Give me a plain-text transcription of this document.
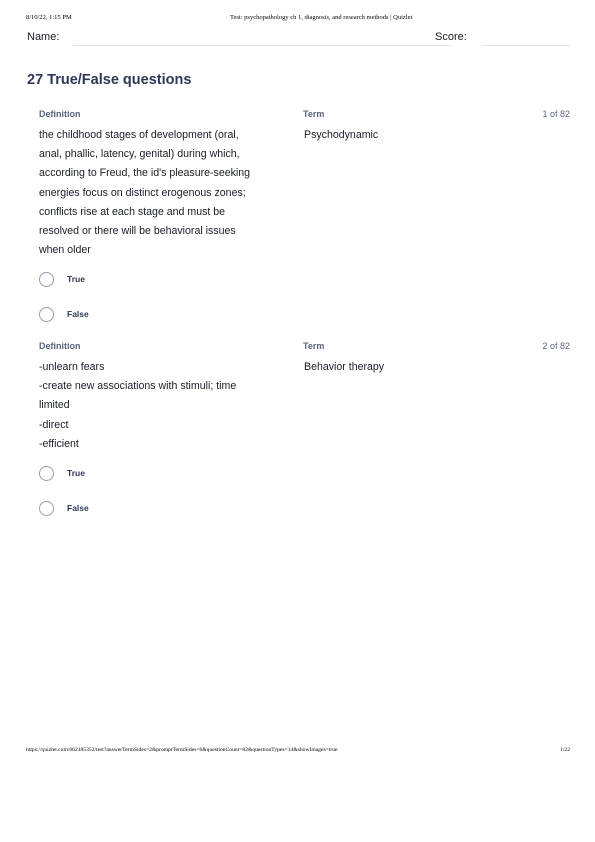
8/10/22, 1:15 PM	Test: psychopathology ch 1, diagnosis, and research methods | Quizlet
Name:	Score:
27 True/False questions
Definition	Term	1 of 82

the childhood stages of development (oral,
anal, phallic, latency, genital) during which,
according to Freud, the id's pleasure-seeking
energies focus on distinct erogenous zones;
conflicts rise at each stage and must be
resolved or there will be behavioral issues
when older

Psychodynamic

True
False
Definition	Term	2 of 82

-unlearn fears
-create new associations with stimuli; time
limited
-direct
-efficient

Behavior therapy

True
False
https://quizlet.com/662185352/test?answerTermSides=2&promptTermSides=6&questionCount=82&questionTypes=14&showImages=true	1/22
